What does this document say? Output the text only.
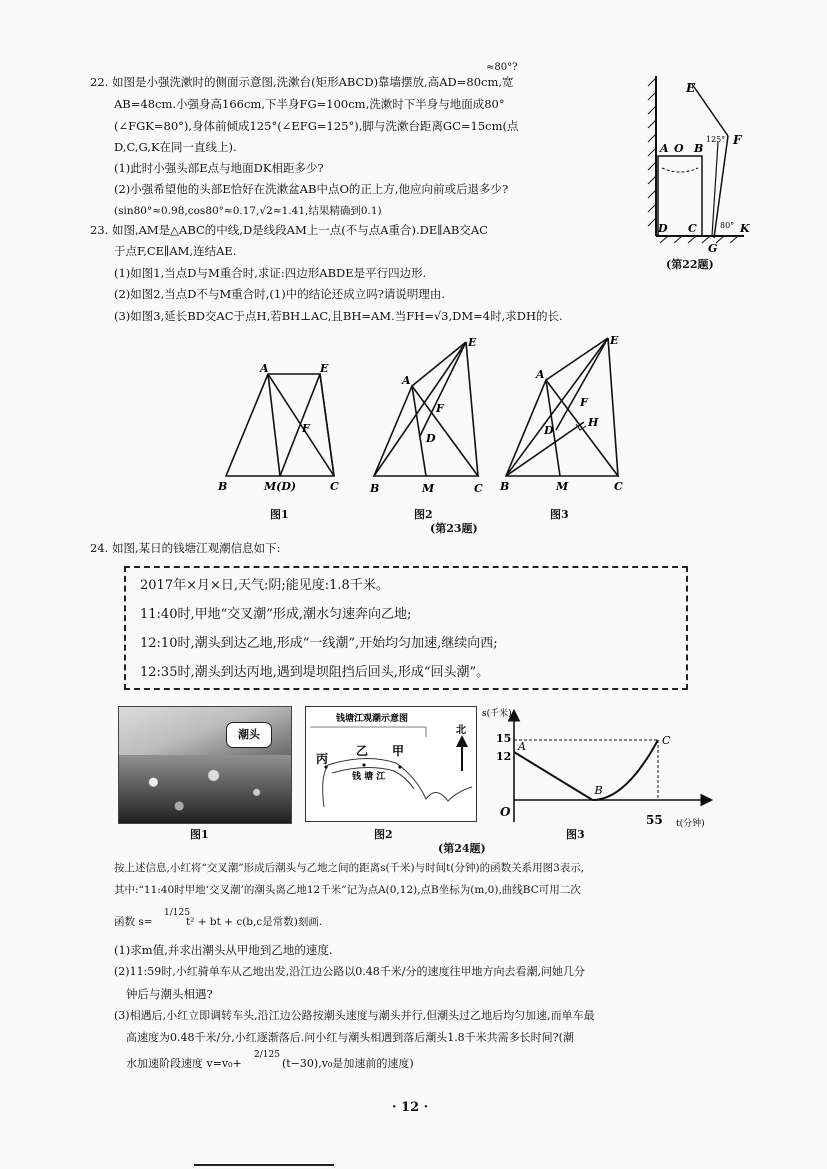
≈80°?
22. 如图是小强洗漱时的侧面示意图,洗漱台(矩形ABCD)靠墙摆放,高AD=80cm,宽
AB=48cm.小强身高166cm,下半身FG=100cm,洗漱时下半身与地面成80°
(∠FGK=80°),身体前倾成125°(∠EFG=125°),脚与洗漱台距离GC=15cm(点
D,C,G,K在同一直线上).
(1)此时小强头部E点与地面DK相距多少?
(2)小强希望他的头部E恰好在洗漱盆AB中点O的正上方,他应向前或后退多少?
(sin80°≈0.98,cos80°≈0.17,√2≈1.41,结果精确到0.1)
E
A O B
F
D C
G
K
125°
80°
(第22题)
23. 如图,AM是△ABC的中线,D是线段AM上一点(不与点A重合).DE∥AB交AC
于点F,CE∥AM,连结AE.
(1)如图1,当点D与M重合时,求证:四边形ABDE是平行四边形.
(2)如图2,当点D不与M重合时,(1)中的结论还成立吗?请说明理由.
(3)如图3,延长BD交AC于点H,若BH⊥AC,且BH=AM.当FH=√3,DM=4时,求DH的长.
A	E
F
B	M(D)	C
图1
A
E
F
D
B	M	C
图2
(第23题)
A
E
F
D
H
B	M	C
图3
24. 如图,某日的钱塘江观潮信息如下:
2017年×月×日,天气:阴;能见度:1.8千米。
11:40时,甲地“交叉潮”形成,潮水匀速奔向乙地;
12:10时,潮头到达乙地,形成“一线潮”,开始均匀加速,继续向西;
12:35时,潮头到达丙地,遇到堤坝阻挡后回头,形成“回头潮”。
潮头
图1
钱塘江观潮示意图
丙
乙 甲
钱 塘 江
北
图2
(第24题)
s(千米)
15
12
O
A
B
C
55 t(分钟)
图3
按上述信息,小红将“交叉潮”形成后潮头与乙地之间的距离s(千米)与时间t(分钟)的函数关系用图3表示,
其中:“11:40时甲地‘交叉潮’的潮头离乙地12千米”记为点A(0,12),点B坐标为(m,0),曲线BC可用二次
函数 s=
1/125
t² + bt + c(b,c是常数)刻画.
(1)求m值,并求出潮头从甲地到乙地的速度.
(2)11:59时,小红骑单车从乙地出发,沿江边公路以0.48千米/分的速度往甲地方向去看潮,问她几分
钟后与潮头相遇?
(3)相遇后,小红立即调转车头,沿江边公路按潮头速度与潮头并行,但潮头过乙地后均匀加速,而单车最
高速度为0.48千米/分,小红逐渐落后.问小红与潮头相遇到落后潮头1.8千米共需多长时间?(潮
水加速阶段速度 v=v₀+
2/125
(t−30),v₀是加速前的速度)
· 12 ·
